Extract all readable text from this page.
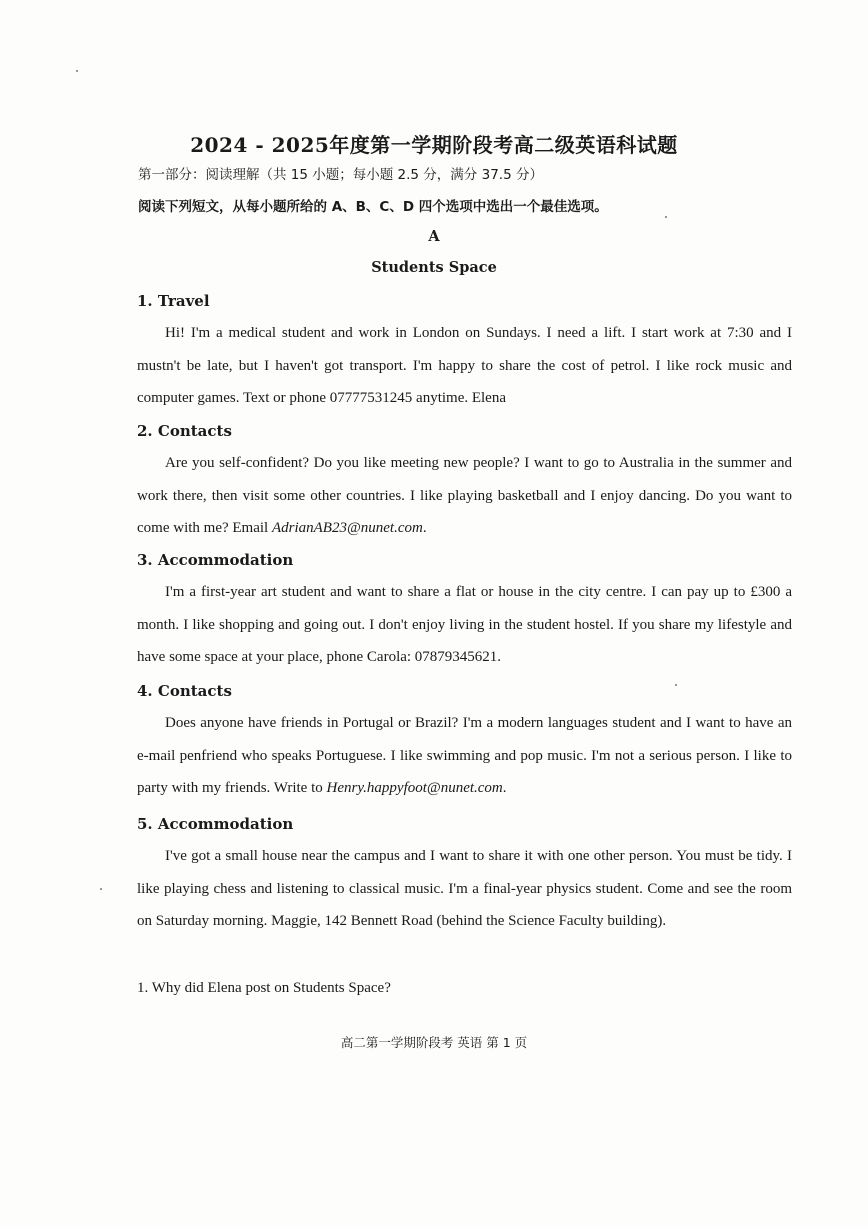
2024 - 2025年度第一学期阶段考高二级英语科试题
第一部分：阅读理解（共 15 小题；每小题 2.5 分，满分 37.5 分）
阅读下列短文，从每小题所给的 A、B、C、D 四个选项中选出一个最佳选项。
A
Students Space
1. Travel
Hi! I'm a medical student and work in London on Sundays. I need a lift. I start work at 7:30 and I mustn't be late, but I haven't got transport. I'm happy to share the cost of petrol. I like rock music and computer games. Text or phone 07777531245 anytime. Elena
2. Contacts
Are you self-confident? Do you like meeting new people? I want to go to Australia in the summer and work there, then visit some other countries. I like playing basketball and I enjoy dancing. Do you want to come with me? Email AdrianAB23@nunet.com.
3. Accommodation
I'm a first-year art student and want to share a flat or house in the city centre. I can pay up to £300 a month. I like shopping and going out. I don't enjoy living in the student hostel. If you share my lifestyle and have some space at your place, phone Carola: 07879345621.
4. Contacts
Does anyone have friends in Portugal or Brazil? I'm a modern languages student and I want to have an e-mail penfriend who speaks Portuguese. I like swimming and pop music. I'm not a serious person. I like to party with my friends. Write to Henry.happyfoot@nunet.com.
5. Accommodation
I've got a small house near the campus and I want to share it with one other person. You must be tidy. I like playing chess and listening to classical music. I'm a final-year physics student. Come and see the room on Saturday morning. Maggie, 142 Bennett Road (behind the Science Faculty building).
1. Why did Elena post on Students Space?
高二第一学期阶段考 英语 第 1 页
